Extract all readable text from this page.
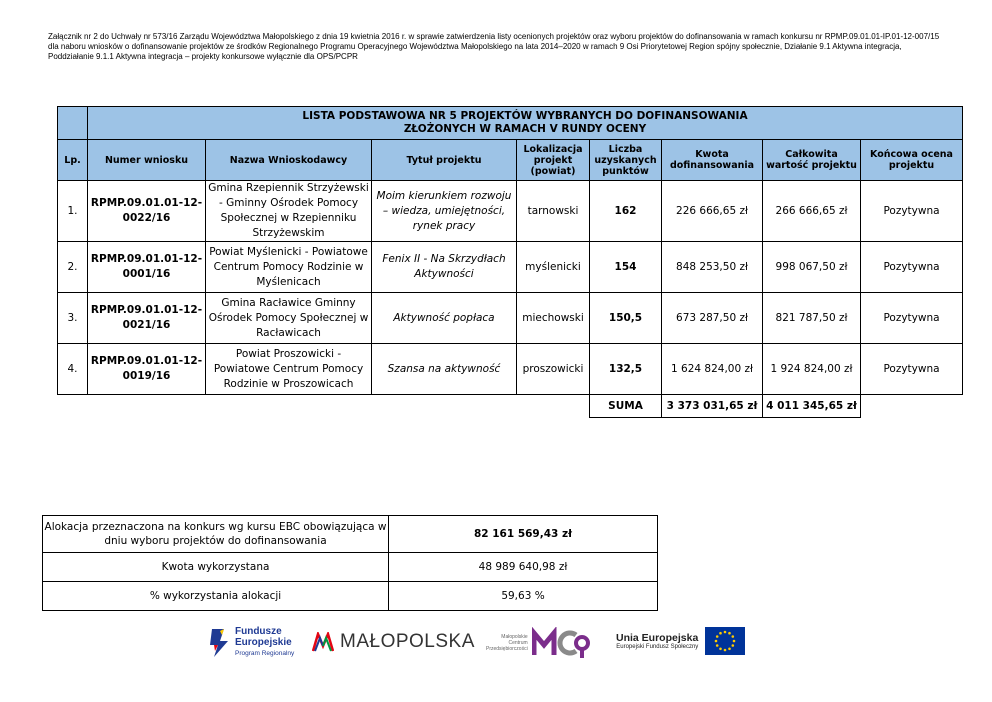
Załącznik nr 2 do Uchwały nr 573/16 Zarządu Województwa Małopolskiego z dnia 19 kwietnia 2016 r. w sprawie zatwierdzenia listy ocenionych projektów oraz wyboru projektów do dofinansowania w ramach konkursu nr RPMP.09.01.01-IP.01-12-007/15 dla naboru wniosków o dofinansowanie projektów ze środków Regionalnego Programu Operacyjnego Województwa Małopolskiego na lata 2014–2020 w ramach 9 Osi Priorytetowej Region spójny społecznie, Działanie 9.1 Aktywna integracja, Poddziałanie 9.1.1 Aktywna integracja – projekty konkursowe wyłącznie dla OPS/PCPR

	LISTA PODSTAWOWA NR 5 PROJEKTÓW WYBRANYCH DO DOFINANSOWANIA
ZŁOŻONYCH W RAMACH V RUNDY OCENY							

Lp.	Numer wniosku	Nazwa Wnioskodawcy	Tytuł projektu	Lokalizacja projekt (powiat)	Liczba uzyskanych punktów	Kwota dofinansowania	Całkowita wartość projektu	Końcowa ocena projektu
1.	RPMP.09.01.01-12-0022/16	Gmina Rzepiennik Strzyżewski - Gminny Ośrodek Pomocy Społecznej w Rzepienniku Strzyżewskim	Moim kierunkiem rozwoju – wiedza, umiejętności, rynek pracy	tarnowski	162	226 666,65 zł	266 666,65 zł	Pozytywna
2.	RPMP.09.01.01-12-0001/16	Powiat Myślenicki - Powiatowe Centrum Pomocy Rodzinie w Myślenicach	Fenix II - Na Skrzydłach Aktywności	myślenicki	154	848 253,50 zł	998 067,50 zł	Pozytywna
3.	RPMP.09.01.01-12-0021/16	Gmina Racławice Gminny Ośrodek Pomocy Społecznej w Racławicach	Aktywność popłaca	miechowski	150,5	673 287,50 zł	821 787,50 zł	Pozytywna
4.	RPMP.09.01.01-12-0019/16	Powiat Proszowicki - Powiatowe Centrum Pomocy Rodzinie w Proszowicach	Szansa na aktywność	proszowicki	132,5	1 624 824,00 zł	1 924 824,00 zł	Pozytywna
					SUMA	3 373 031,65 zł	4 011 345,65 zł	
Alokacja przeznaczona na konkurs wg kursu EBC obowiązująca w dniu wyboru projektów do dofinansowania	82 161 569,43 zł
Kwota wykorzystana	48 989 640,98 zł
% wykorzystania alokacji	59,63 %
Fundusze
Europejskie
Program Regionalny
MAŁOPOLSKA	Małopolskie
Centrum
Przedsiębiorczości
Unia Europejska
Europejski Fundusz Społeczny
